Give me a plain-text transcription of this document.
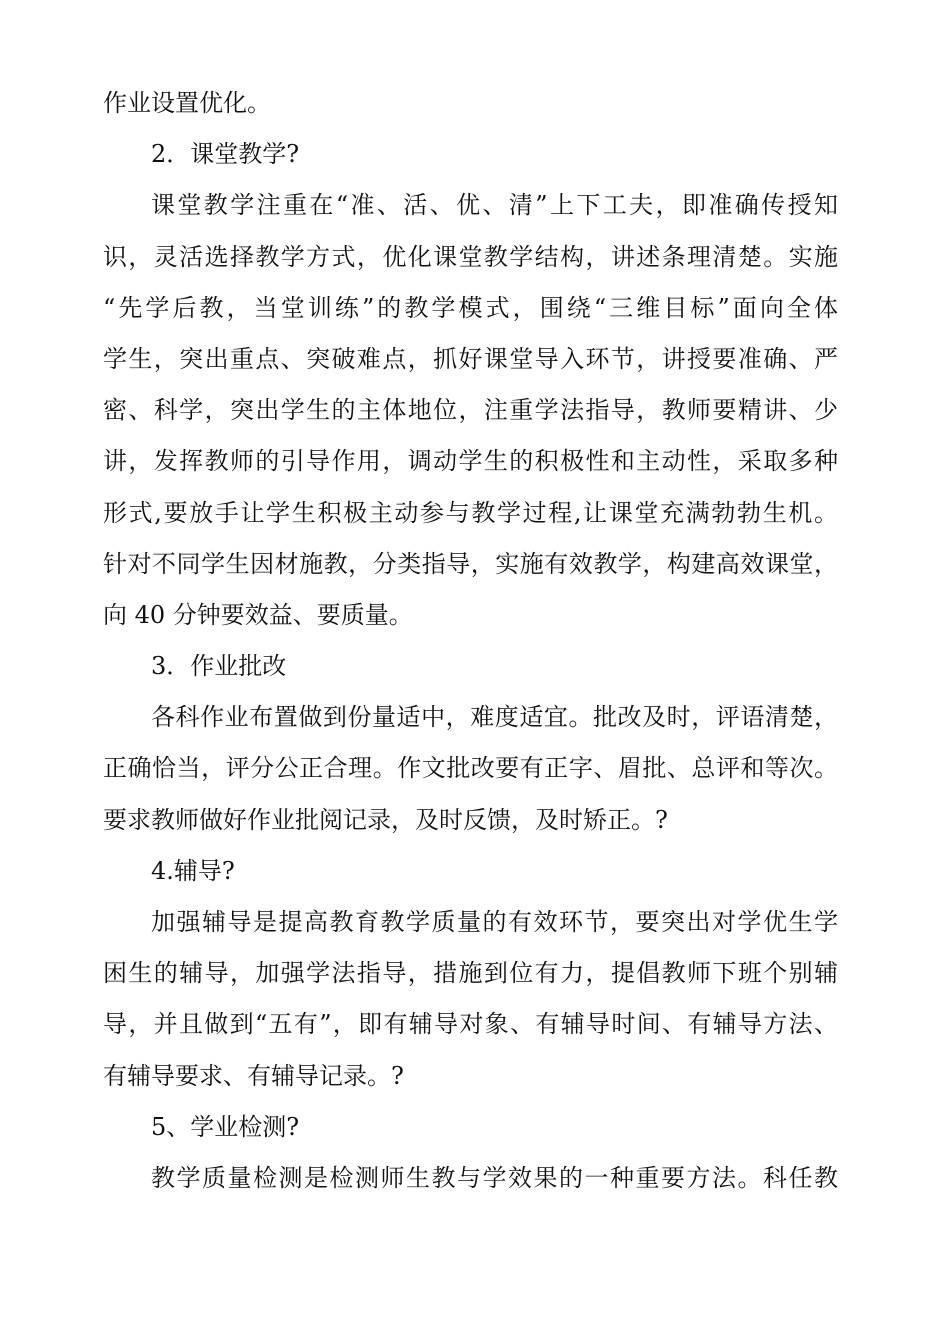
作业设置优化。
2．课堂教学?
课堂教学注重在“准、活、优、清”上下工夫，即准确传授知
识，灵活选择教学方式，优化课堂教学结构，讲述条理清楚。实施
“先学后教，当堂训练”的教学模式，围绕“三维目标”面向全体
学生，突出重点、突破难点，抓好课堂导入环节，讲授要准确、严
密、科学，突出学生的主体地位，注重学法指导，教师要精讲、少
讲，发挥教师的引导作用，调动学生的积极性和主动性，采取多种
形式,要放手让学生积极主动参与教学过程,让课堂充满勃勃生机。
针对不同学生因材施教，分类指导，实施有效教学，构建高效课堂，
向 40 分钟要效益、要质量。
3．作业批改
各科作业布置做到份量适中，难度适宜。批改及时，评语清楚，
正确恰当，评分公正合理。作文批改要有正字、眉批、总评和等次。
要求教师做好作业批阅记录，及时反馈，及时矫正。?
4.辅导?
加强辅导是提高教育教学质量的有效环节，要突出对学优生学
困生的辅导，加强学法指导，措施到位有力，提倡教师下班个别辅
导，并且做到“五有”，即有辅导对象、有辅导时间、有辅导方法、
有辅导要求、有辅导记录。?
5、学业检测?
教学质量检测是检测师生教与学效果的一种重要方法。科任教
